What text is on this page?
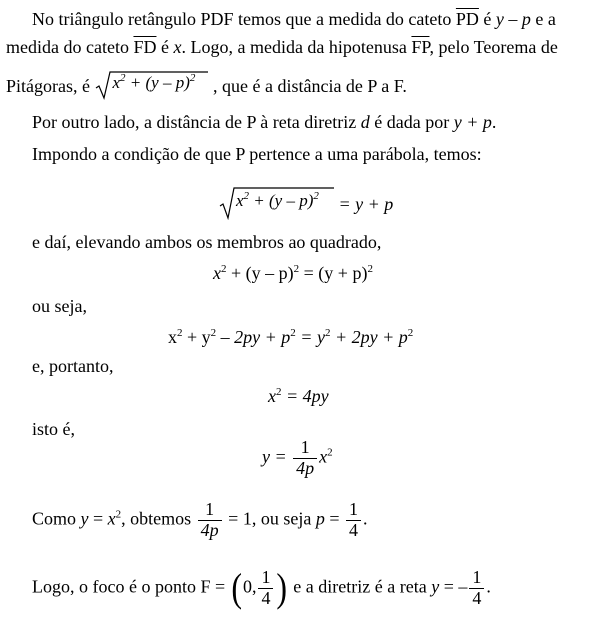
No triângulo retângulo PDF temos que a medida do cateto $\overline{PD}$ é y – p e a
medida do cateto $\overline{FD}$ é x. Logo, a medida da hipotenusa $\overline{FP}$, pelo Teorema de
Pitágoras, é $x^2 + (y - p)^2$ , que é a distância de P a F.
Por outro lado, a distância de P à reta diretriz d é dada por y + p.
Impondo a condição de que P pertence a uma parábola, temos:
$x^2 + (y - p)^2 = y + p$
e daí, elevando ambos os membros ao quadrado,
$x^2 + (y - p)^2 = (y + p)^2$
ou seja,
$x^2 + y^2 - 2py + p^2 = y^2 + 2py + p^2$
e, portanto,
$x^2 = 4py$
isto é,
$y = \frac{1}{4p} x^2$
Como $y = x^2$, obtemos $\frac{1}{4p} = 1$, ou seja $p = \frac{1}{4}$ .
Logo, o foco é o ponto F = (0, $\frac{1}{4}$ ) e a diretriz é a reta y = – $\frac{1}{4}$ .
